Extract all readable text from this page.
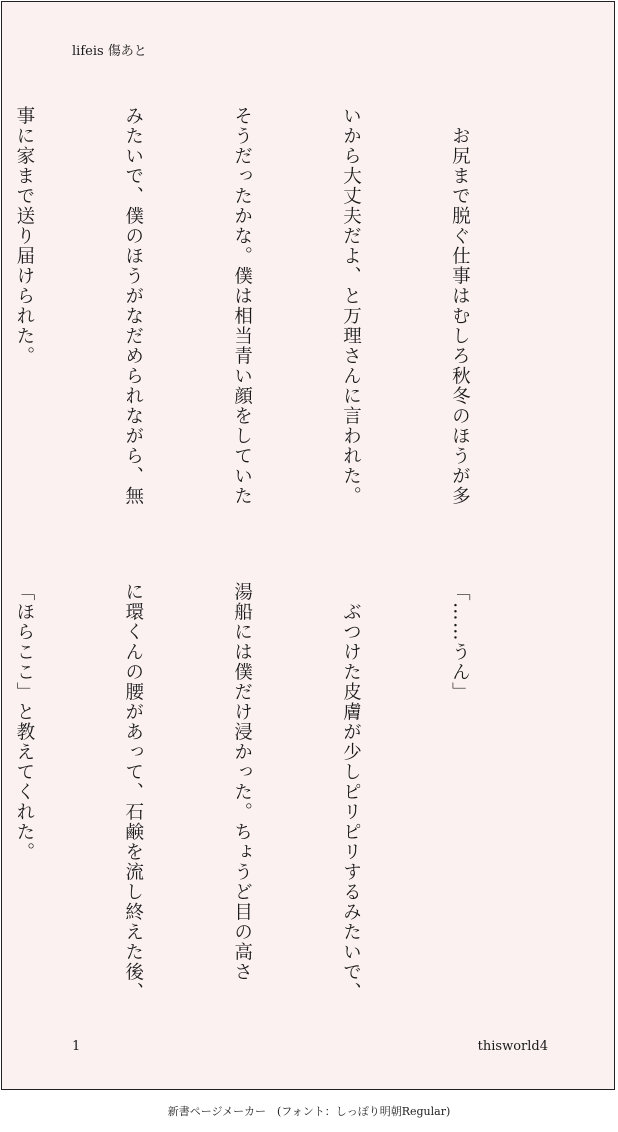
lifeis 傷あと

　お尻まで脱ぐ仕事はむしろ秋冬のほうが多

いから大丈夫だよ、と万理さんに言われた。

そうだったかな。僕は相当青い顔をしていた

みたいで、僕のほうがなだめられながら、無

事に家まで送り届けられた。

「……うん」

　ぶつけた皮膚が少しピリピリするみたいで、

湯船には僕だけ浸かった。ちょうど目の高さ

に環くんの腰があって、石鹸を流し終えた後、

「ほらここ」と教えてくれた。

1	thisworld4
新書ページメーカー　(フォント：しっぽり明朝Regular)
